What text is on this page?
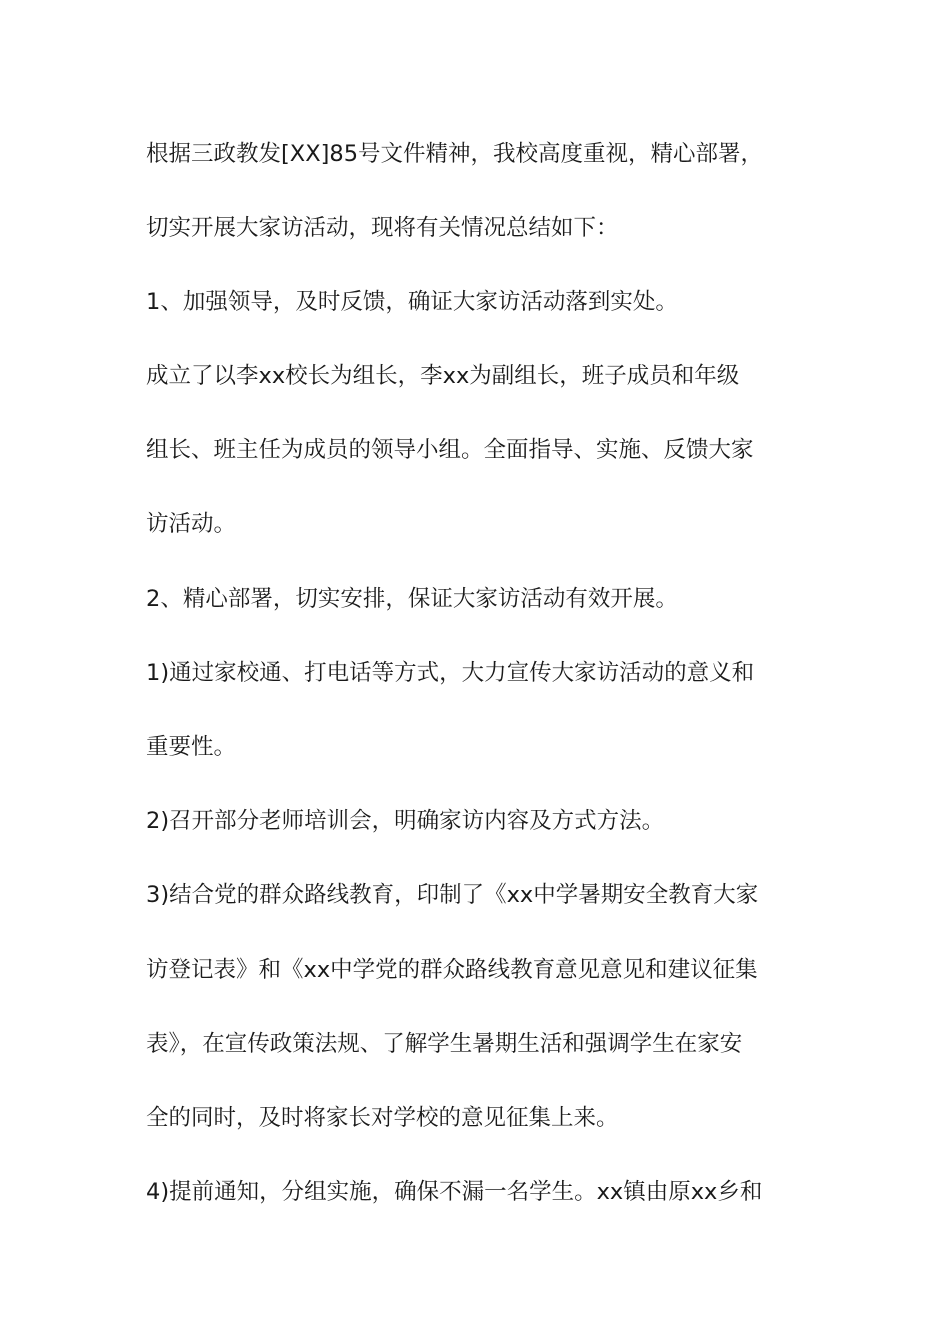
根据三政教发[XX]85号文件精神，我校高度重视，精心部署，
切实开展大家访活动，现将有关情况总结如下：
1、加强领导，及时反馈，确证大家访活动落到实处。
成立了以李xx校长为组长，李xx为副组长，班子成员和年级
组长、班主任为成员的领导小组。全面指导、实施、反馈大家
访活动。
2、精心部署，切实安排，保证大家访活动有效开展。
1)通过家校通、打电话等方式，大力宣传大家访活动的意义和
重要性。
2)召开部分老师培训会，明确家访内容及方式方法。
3)结合党的群众路线教育，印制了《xx中学暑期安全教育大家
访登记表》和《xx中学党的群众路线教育意见意见和建议征集
表》，在宣传政策法规、了解学生暑期生活和强调学生在家安
全的同时，及时将家长对学校的意见征集上来。
4)提前通知，分组实施，确保不漏一名学生。xx镇由原xx乡和
